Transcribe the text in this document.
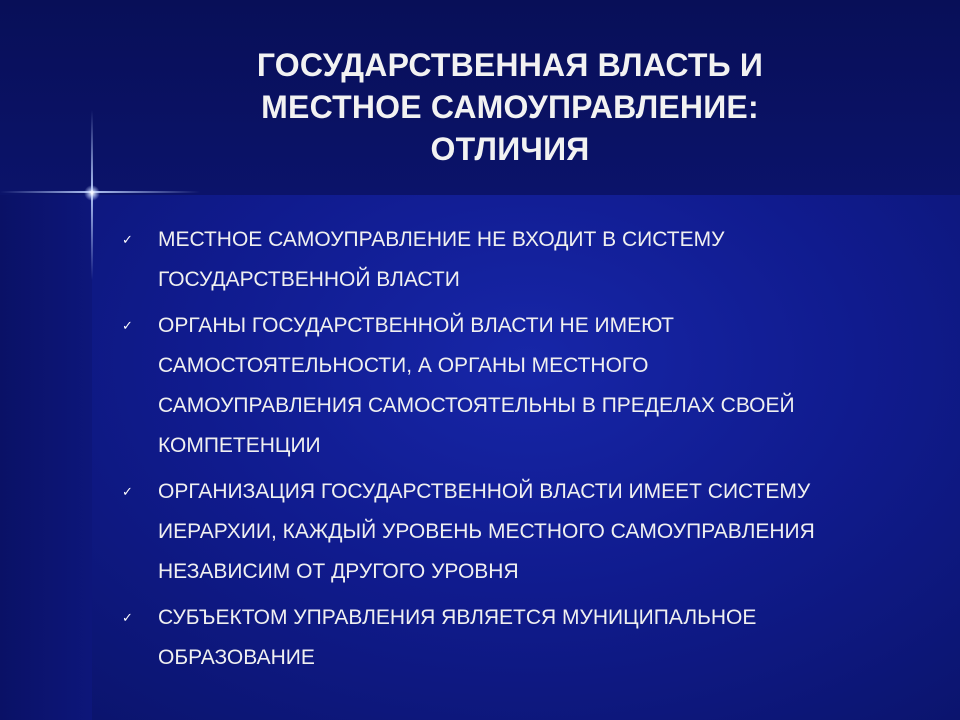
ГОСУДАРСТВЕННАЯ ВЛАСТЬ И
МЕСТНОЕ САМОУПРАВЛЕНИЕ:
ОТЛИЧИЯ
✓ МЕСТНОЕ САМОУПРАВЛЕНИЕ НЕ ВХОДИТ В СИСТЕМУ
ГОСУДАРСТВЕННОЙ ВЛАСТИ
✓ ОРГАНЫ ГОСУДАРСТВЕННОЙ ВЛАСТИ НЕ ИМЕЮТ
САМОСТОЯТЕЛЬНОСТИ, А ОРГАНЫ МЕСТНОГО
САМОУПРАВЛЕНИЯ САМОСТОЯТЕЛЬНЫ В ПРЕДЕЛАХ СВОЕЙ
КОМПЕТЕНЦИИ
✓ ОРГАНИЗАЦИЯ ГОСУДАРСТВЕННОЙ ВЛАСТИ ИМЕЕТ СИСТЕМУ
ИЕРАРХИИ, КАЖДЫЙ УРОВЕНЬ МЕСТНОГО САМОУПРАВЛЕНИЯ
НЕЗАВИСИМ ОТ ДРУГОГО УРОВНЯ
✓ СУБЪЕКТОМ УПРАВЛЕНИЯ ЯВЛЯЕТСЯ МУНИЦИПАЛЬНОЕ
ОБРАЗОВАНИЕ
